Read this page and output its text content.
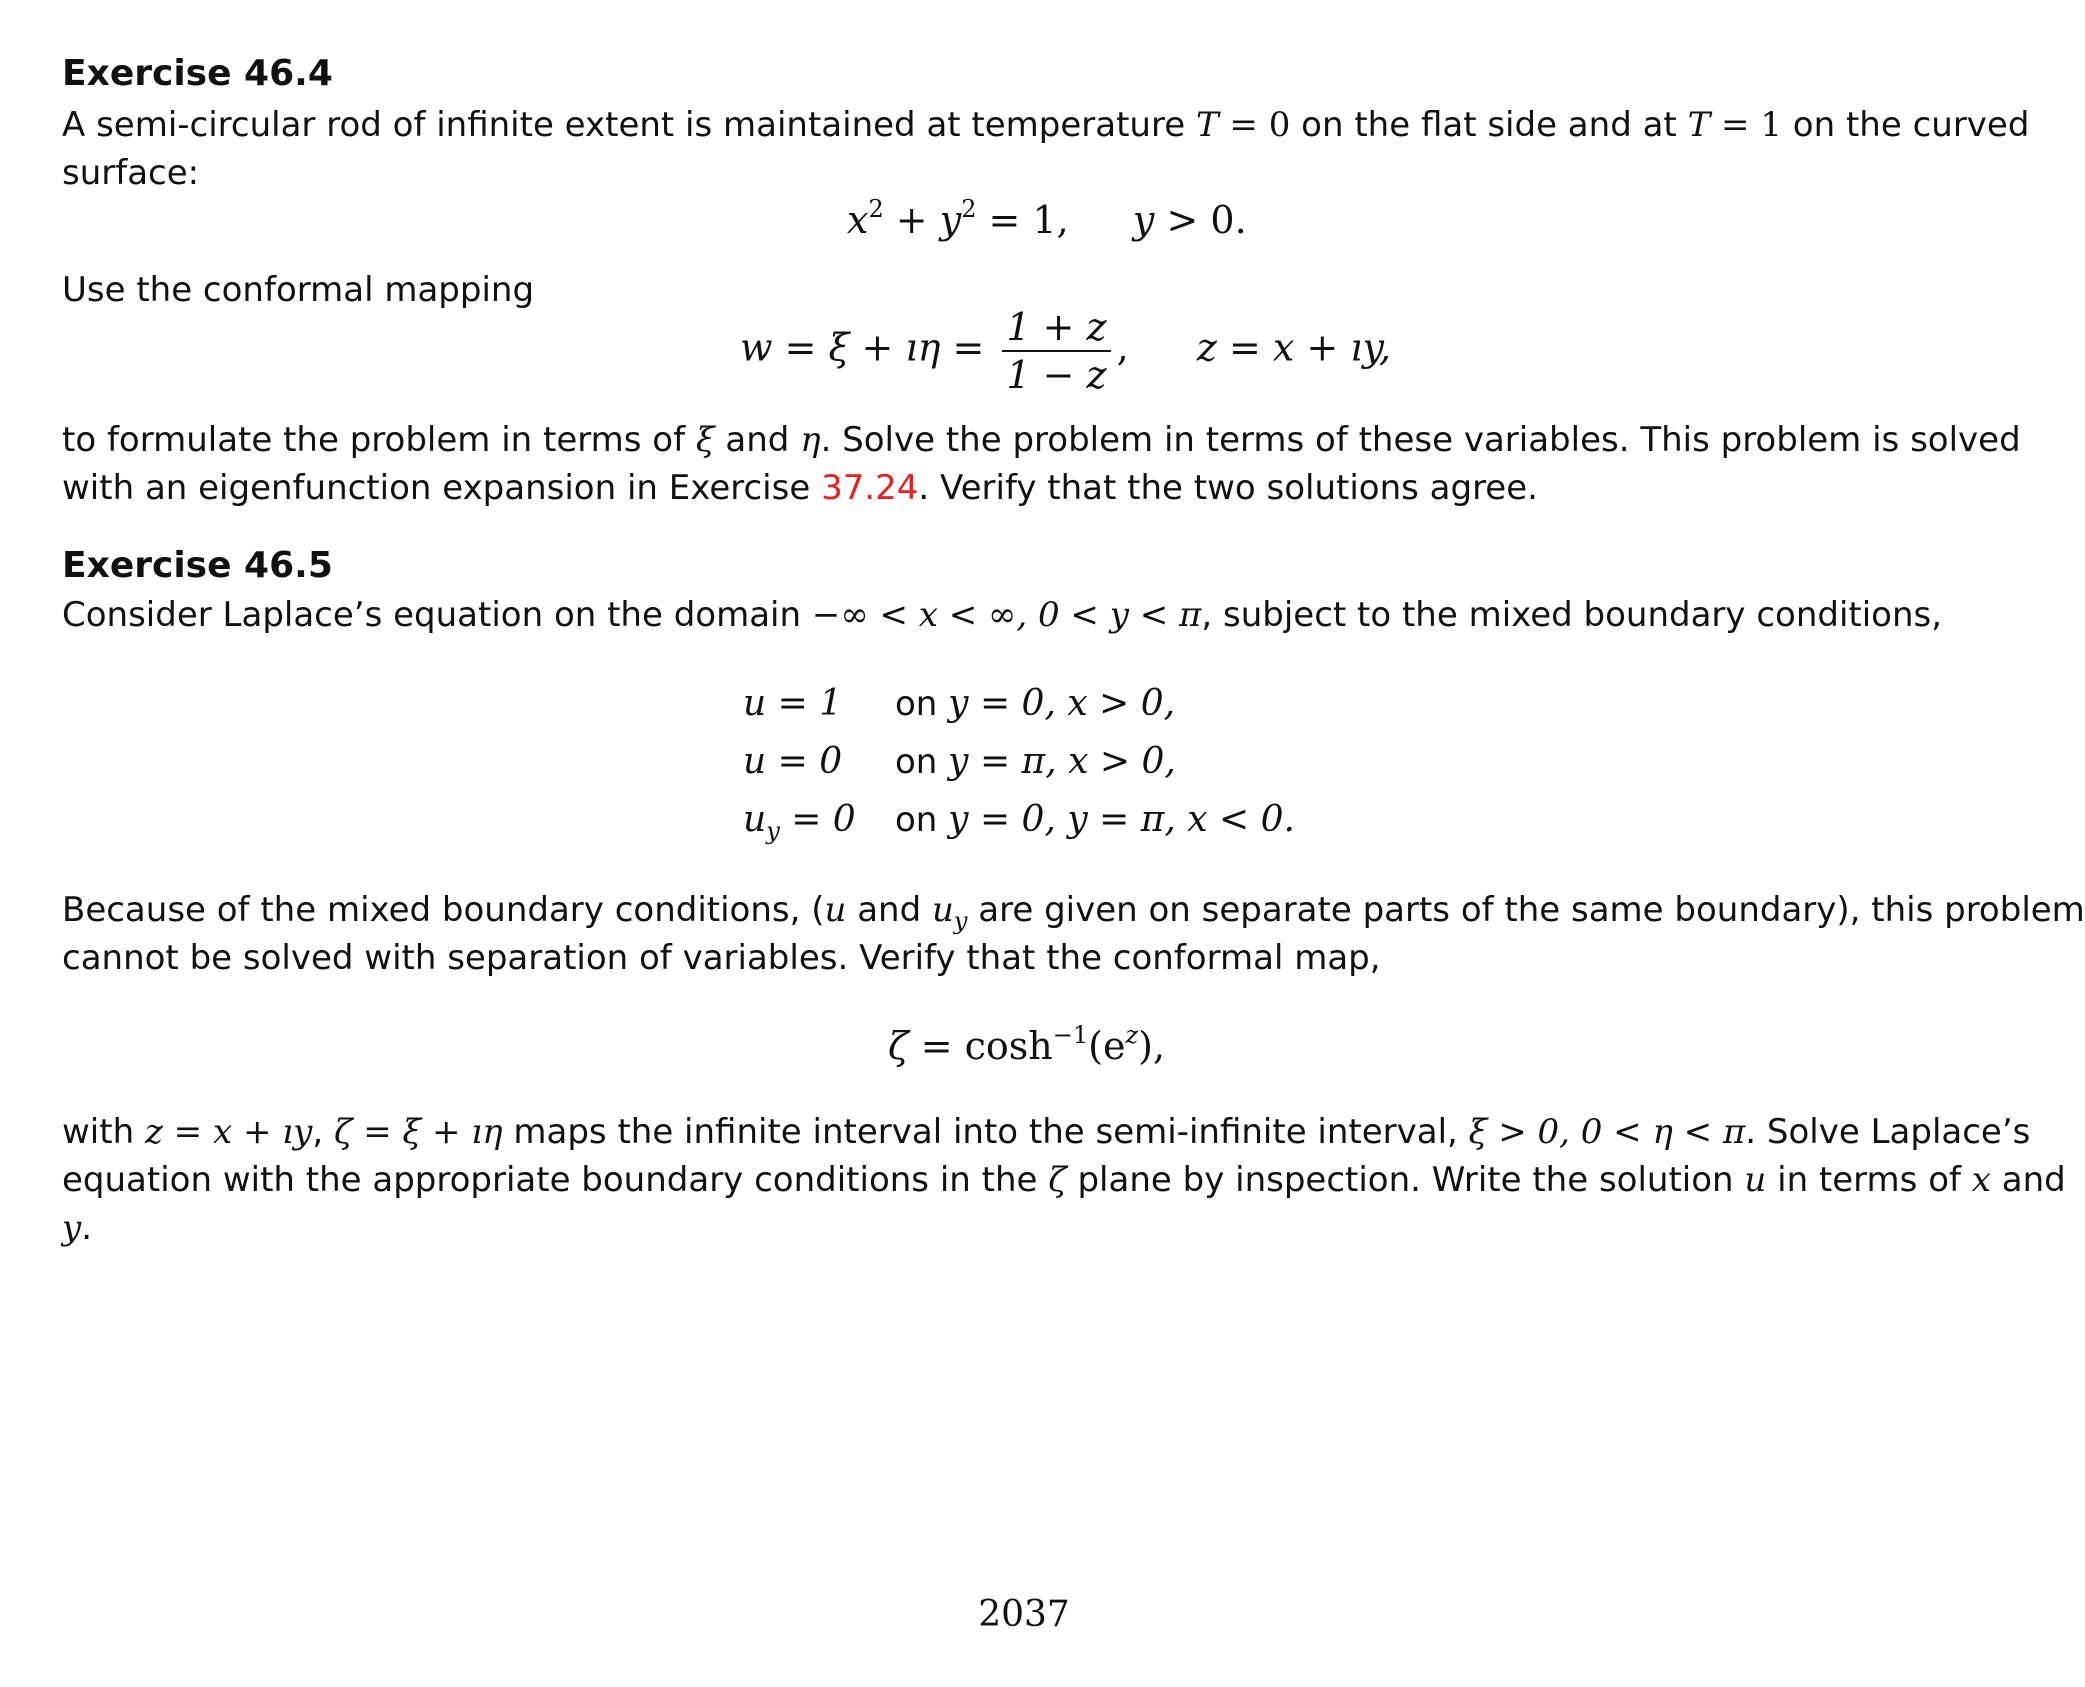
Exercise 46.4
A semi-circular rod of infinite extent is maintained at temperature T = 0 on the flat side and at T = 1 on the curved
surface:
$x^2 + y^2 = 1$, y > 0.
Use the conformal mapping
w = ξ + ıη = $\frac{1 + z}{1 - z}$ , z = x + ıy,
to formulate the problem in terms of ξ and η. Solve the problem in terms of these variables. This problem is solved
with an eigenfunction expansion in Exercise 37.24. Verify that the two solutions agree.
Exercise 46.5
Consider Laplace’s equation on the domain −∞ < x < ∞, 0 < y < π, subject to the mixed boundary conditions,
u = 1 on y = 0, x > 0,
u = 0 on y = π, x > 0,
$u_y = 0$ on y = 0, y = π, x < 0.
Because of the mixed boundary conditions, (u and $u_y$ are given on separate parts of the same boundary), this problem
cannot be solved with separation of variables. Verify that the conformal map,
$\zeta = \cosh^{-1}(e^z)$,
with z = x + ıy, ζ = ξ + ıη maps the infinite interval into the semi-infinite interval, ξ > 0, 0 < η < π. Solve Laplace’s
equation with the appropriate boundary conditions in the ζ plane by inspection. Write the solution u in terms of x and
y.
2037
